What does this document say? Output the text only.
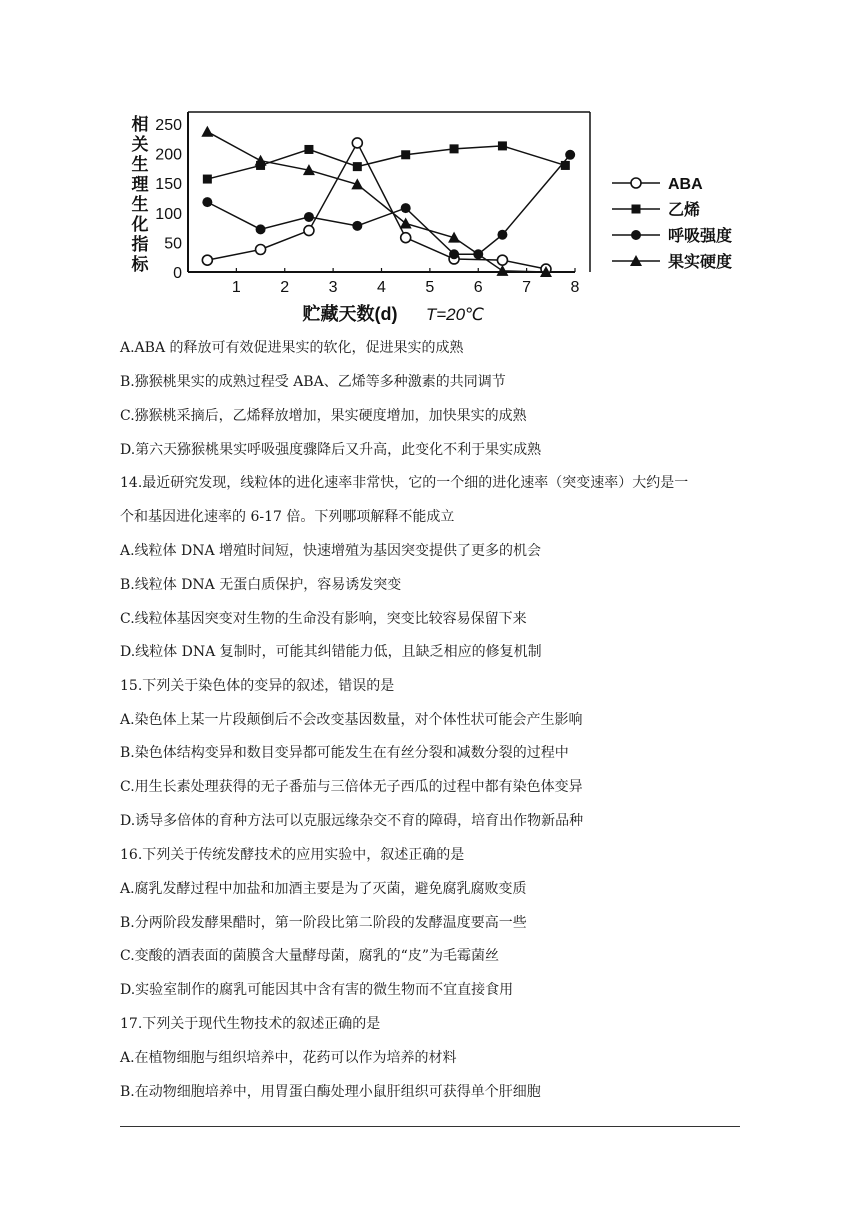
相
关
生
理
生
化
指
标 0
50
100
150
200
250
1 2 3 4 5 6 7 8
ABA
乙烯
呼吸强度
果实硬度
贮藏天数(d) T=20℃
A.ABA 的释放可有效促进果实的软化，促进果实的成熟
B.猕猴桃果实的成熟过程受 ABA、乙烯等多种激素的共同调节
C.猕猴桃采摘后，乙烯释放增加，果实硬度增加，加快果实的成熟
D.第六天猕猴桃果实呼吸强度骤降后又升高，此变化不利于果实成熟
14.最近研究发现，线粒体的进化速率非常快，它的一个细的进化速率（突变速率）大约是一
个和基因进化速率的 6-17 倍。下列哪项解释不能成立
A.线粒体 DNA 增殖时间短，快速增殖为基因突变提供了更多的机会
B.线粒体 DNA 无蛋白质保护，容易诱发突变
C.线粒体基因突变对生物的生命没有影响，突变比较容易保留下来
D.线粒体 DNA 复制时，可能其纠错能力低，且缺乏相应的修复机制
15.下列关于染色体的变异的叙述，错误的是
A.染色体上某一片段颠倒后不会改变基因数量，对个体性状可能会产生影响
B.染色体结构变异和数目变异都可能发生在有丝分裂和减数分裂的过程中
C.用生长素处理获得的无子番茄与三倍体无子西瓜的过程中都有染色体变异
D.诱导多倍体的育种方法可以克服远缘杂交不育的障碍，培育出作物新品种
16.下列关于传统发酵技术的应用实验中，叙述正确的是
A.腐乳发酵过程中加盐和加酒主要是为了灭菌，避免腐乳腐败变质
B.分两阶段发酵果醋时，第一阶段比第二阶段的发酵温度要高一些
C.变酸的酒表面的菌膜含大量酵母菌，腐乳的“皮”为毛霉菌丝
D.实验室制作的腐乳可能因其中含有害的微生物而不宜直接食用
17.下列关于现代生物技术的叙述正确的是
A.在植物细胞与组织培养中，花药可以作为培养的材料
B.在动物细胞培养中，用胃蛋白酶处理小鼠肝组织可获得单个肝细胞
